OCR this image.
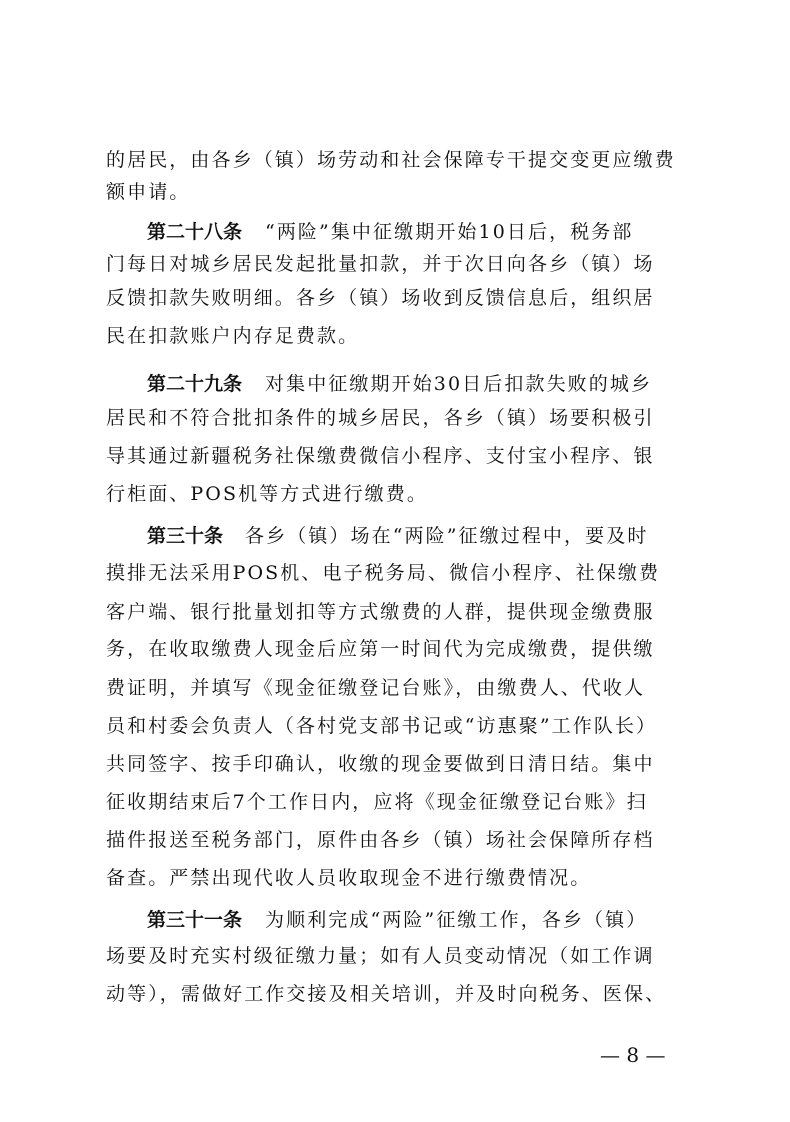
的居民，由各乡（镇）场劳动和社会保障专干提交变更应缴费
额申请。
第二十八条 “两险”集中征缴期开始10日后，税务部
门每日对城乡居民发起批量扣款，并于次日向各乡（镇）场
反馈扣款失败明细。各乡（镇）场收到反馈信息后，组织居
民在扣款账户内存足费款。
第二十九条 对集中征缴期开始30日后扣款失败的城乡
居民和不符合批扣条件的城乡居民，各乡（镇）场要积极引
导其通过新疆税务社保缴费微信小程序、支付宝小程序、银
行柜面、POS机等方式进行缴费。
第三十条 各乡（镇）场在“两险”征缴过程中，要及时
摸排无法采用POS机、电子税务局、微信小程序、社保缴费
客户端、银行批量划扣等方式缴费的人群，提供现金缴费服
务，在收取缴费人现金后应第一时间代为完成缴费，提供缴
费证明，并填写《现金征缴登记台账》，由缴费人、代收人
员和村委会负责人（各村党支部书记或“访惠聚”工作队长）
共同签字、按手印确认，收缴的现金要做到日清日结。集中
征收期结束后7个工作日内，应将《现金征缴登记台账》扫
描件报送至税务部门，原件由各乡（镇）场社会保障所存档
备查。严禁出现代收人员收取现金不进行缴费情况。
第三十一条 为顺利完成“两险”征缴工作，各乡（镇）
场要及时充实村级征缴力量；如有人员变动情况（如工作调
动等），需做好工作交接及相关培训，并及时向税务、医保、
— 8 —
